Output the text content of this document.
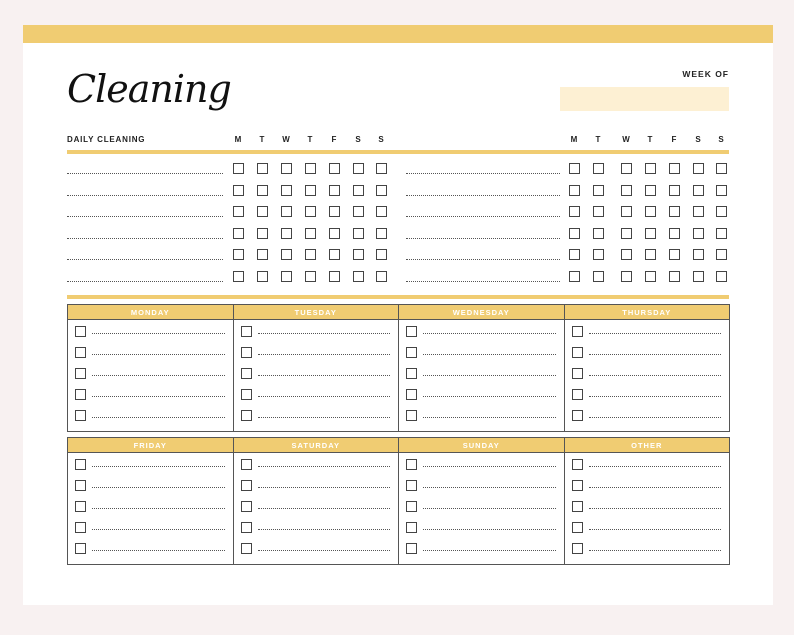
Cleaning	WEEK OF
DAILY CLEANING	M	T	W	T	F	S	S	M	T	W	T	F	S	S
MONDAY	TUESDAY	WEDNESDAY	THURSDAY
FRIDAY	SATURDAY	SUNDAY	OTHER
